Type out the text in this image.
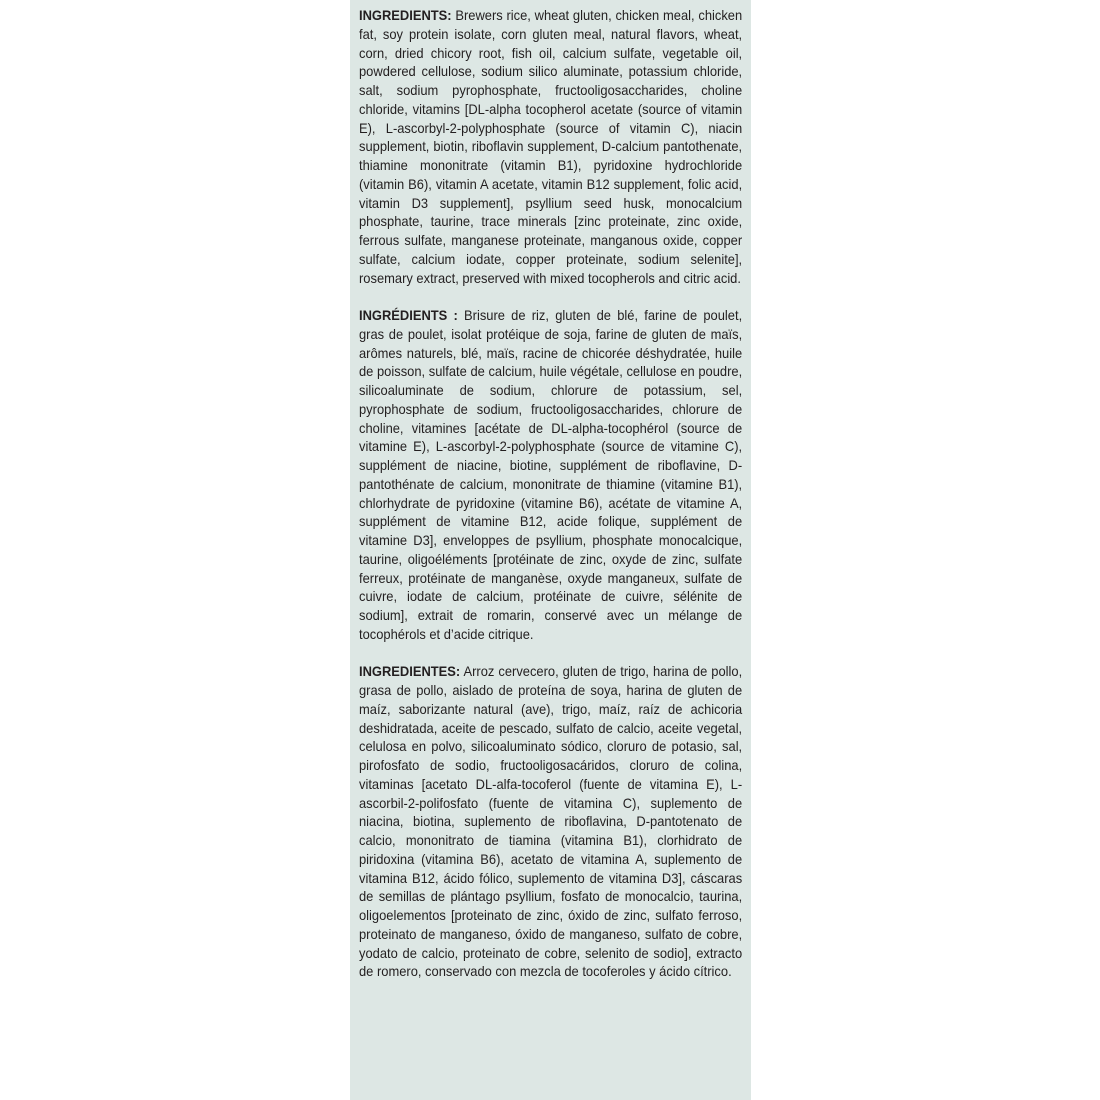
INGREDIENTS: Brewers rice, wheat gluten, chicken meal, chicken fat, soy protein isolate, corn gluten meal, natural flavors, wheat, corn, dried chicory root, fish oil, calcium sulfate, vegetable oil, powdered cellulose, sodium silico aluminate, potassium chloride, salt, sodium pyrophosphate, fructooligosaccharides, choline chloride, vitamins [DL-alpha tocopherol acetate (source of vitamin E), L-ascorbyl-2-polyphosphate (source of vitamin C), niacin supplement, biotin, riboflavin supplement, D-calcium pantothenate, thiamine mononitrate (vitamin B1), pyridoxine hydrochloride (vitamin B6), vitamin A acetate, vitamin B12 supplement, folic acid, vitamin D3 supplement], psyllium seed husk, monocalcium phosphate, taurine, trace minerals [zinc proteinate, zinc oxide, ferrous sulfate, manganese proteinate, manganous oxide, copper sulfate, calcium iodate, copper proteinate, sodium selenite], rosemary extract, preserved with mixed tocopherols and citric acid.

INGRÉDIENTS : Brisure de riz, gluten de blé, farine de poulet, gras de poulet, isolat protéique de soja, farine de gluten de maïs, arômes naturels, blé, maïs, racine de chicorée déshydratée, huile de poisson, sulfate de calcium, huile végétale, cellulose en poudre, silicoaluminate de sodium, chlorure de potassium, sel, pyrophosphate de sodium, fructooligosaccharides, chlorure de choline, vitamines [acétate de DL-alpha-tocophérol (source de vitamine E), L-ascorbyl-2-polyphosphate (source de vitamine C), supplément de niacine, biotine, supplément de riboflavine, D-pantothénate de calcium, mononitrate de thiamine (vitamine B1), chlorhydrate de pyridoxine (vitamine B6), acétate de vitamine A, supplément de vitamine B12, acide folique, supplément de vitamine D3], enveloppes de psyllium, phosphate monocalcique, taurine, oligoéléments [protéinate de zinc, oxyde de zinc, sulfate ferreux, protéinate de manganèse, oxyde manganeux, sulfate de cuivre, iodate de calcium, protéinate de cuivre, sélénite de sodium], extrait de romarin, conservé avec un mélange de tocophérols et d’acide citrique.

INGREDIENTES: Arroz cervecero, gluten de trigo, harina de pollo, grasa de pollo, aislado de proteína de soya, harina de gluten de maíz, saborizante natural (ave), trigo, maíz, raíz de achicoria deshidratada, aceite de pescado, sulfato de calcio, aceite vegetal, celulosa en polvo, silicoaluminato sódico, cloruro de potasio, sal, pirofosfato de sodio, fructooligosacáridos, cloruro de colina, vitaminas [acetato DL-alfa-tocoferol (fuente de vitamina E), L-ascorbil-2-polifosfato (fuente de vitamina C), suplemento de niacina, biotina, suplemento de riboflavina, D-pantotenato de calcio, mononitrato de tiamina (vitamina B1), clorhidrato de piridoxina (vitamina B6), acetato de vitamina A, suplemento de vitamina B12, ácido fólico, suplemento de vitamina D3], cáscaras de semillas de plántago psyllium, fosfato de monocalcio, taurina, oligoelementos [proteinato de zinc, óxido de zinc, sulfato ferroso, proteinato de manganeso, óxido de manganeso, sulfato de cobre, yodato de calcio, proteinato de cobre, selenito de sodio], extracto de romero, conservado con mezcla de tocoferoles y ácido cítrico.
